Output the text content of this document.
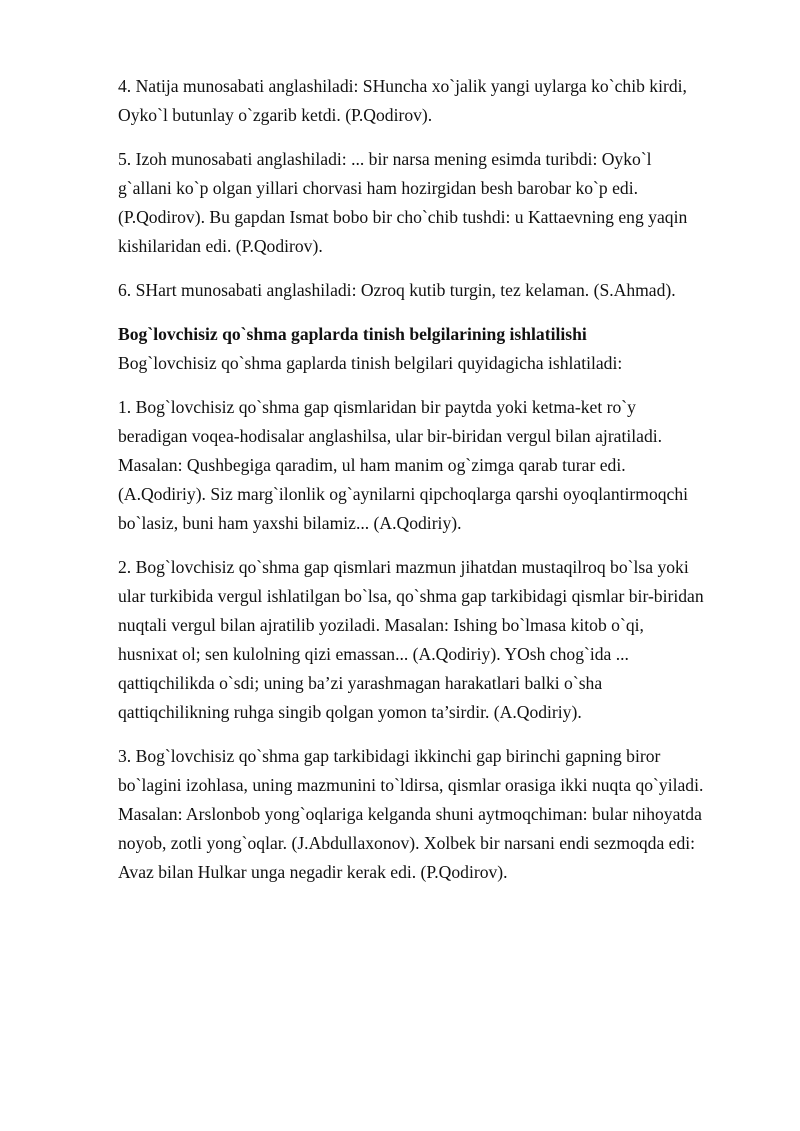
4. Natija munosabati anglashiladi: SHuncha xo`jalik yangi uylarga ko`chib kirdi,
Oyko`l butunlay o`zgarib ketdi. (P.Qodirov).

5. Izoh munosabati anglashiladi: ... bir narsa mening esimda turibdi: Oyko`l
g`allani ko`p olgan yillari chorvasi ham hozirgidan besh barobar ko`p edi.
(P.Qodirov). Bu gapdan Ismat bobo bir cho`chib tushdi: u Kattaevning eng yaqin
kishilaridan edi. (P.Qodirov).

6. SHart munosabati anglashiladi: Ozroq kutib turgin, tez kelaman. (S.Ahmad).

Bog`lovchisiz qo`shma gaplarda tinish belgilarining ishlatilishi
Bog`lovchisiz qo`shma gaplarda tinish belgilari quyidagicha ishlatiladi:

1. Bog`lovchisiz qo`shma gap qismlaridan bir paytda yoki ketma-ket ro`y
beradigan voqea-hodisalar anglashilsa, ular bir-biridan vergul bilan ajratiladi.
Masalan: Qushbegiga qaradim, ul ham manim og`zimga qarab turar edi.
(A.Qodiriy). Siz marg`ilonlik og`aynilarni qipchoqlarga qarshi oyoqlantirmoqchi
bo`lasiz, buni ham yaxshi bilamiz... (A.Qodiriy).

2. Bog`lovchisiz qo`shma gap qismlari mazmun jihatdan mustaqilroq bo`lsa yoki
ular turkibida vergul ishlatilgan bo`lsa, qo`shma gap tarkibidagi qismlar bir-biridan
nuqtali vergul bilan ajratilib yoziladi. Masalan: Ishing bo`lmasa kitob o`qi,
husnixat ol; sen kulolning qizi emassan... (A.Qodiriy). YOsh chog`ida ...
qattiqchilikda o`sdi; uning ba’zi yarashmagan harakatlari balki o`sha
qattiqchilikning ruhga singib qolgan yomon ta’sirdir. (A.Qodiriy).

3. Bog`lovchisiz qo`shma gap tarkibidagi ikkinchi gap birinchi gapning biror
bo`lagini izohlasa, uning mazmunini to`ldirsa, qismlar orasiga ikki nuqta qo`yiladi.
Masalan: Arslonbob yong`oqlariga kelganda shuni aytmoqchiman: bular nihoyatda
noyob, zotli yong`oqlar. (J.Abdullaxonov). Xolbek bir narsani endi sezmoqda edi:
Avaz bilan Hulkar unga negadir kerak edi. (P.Qodirov).
